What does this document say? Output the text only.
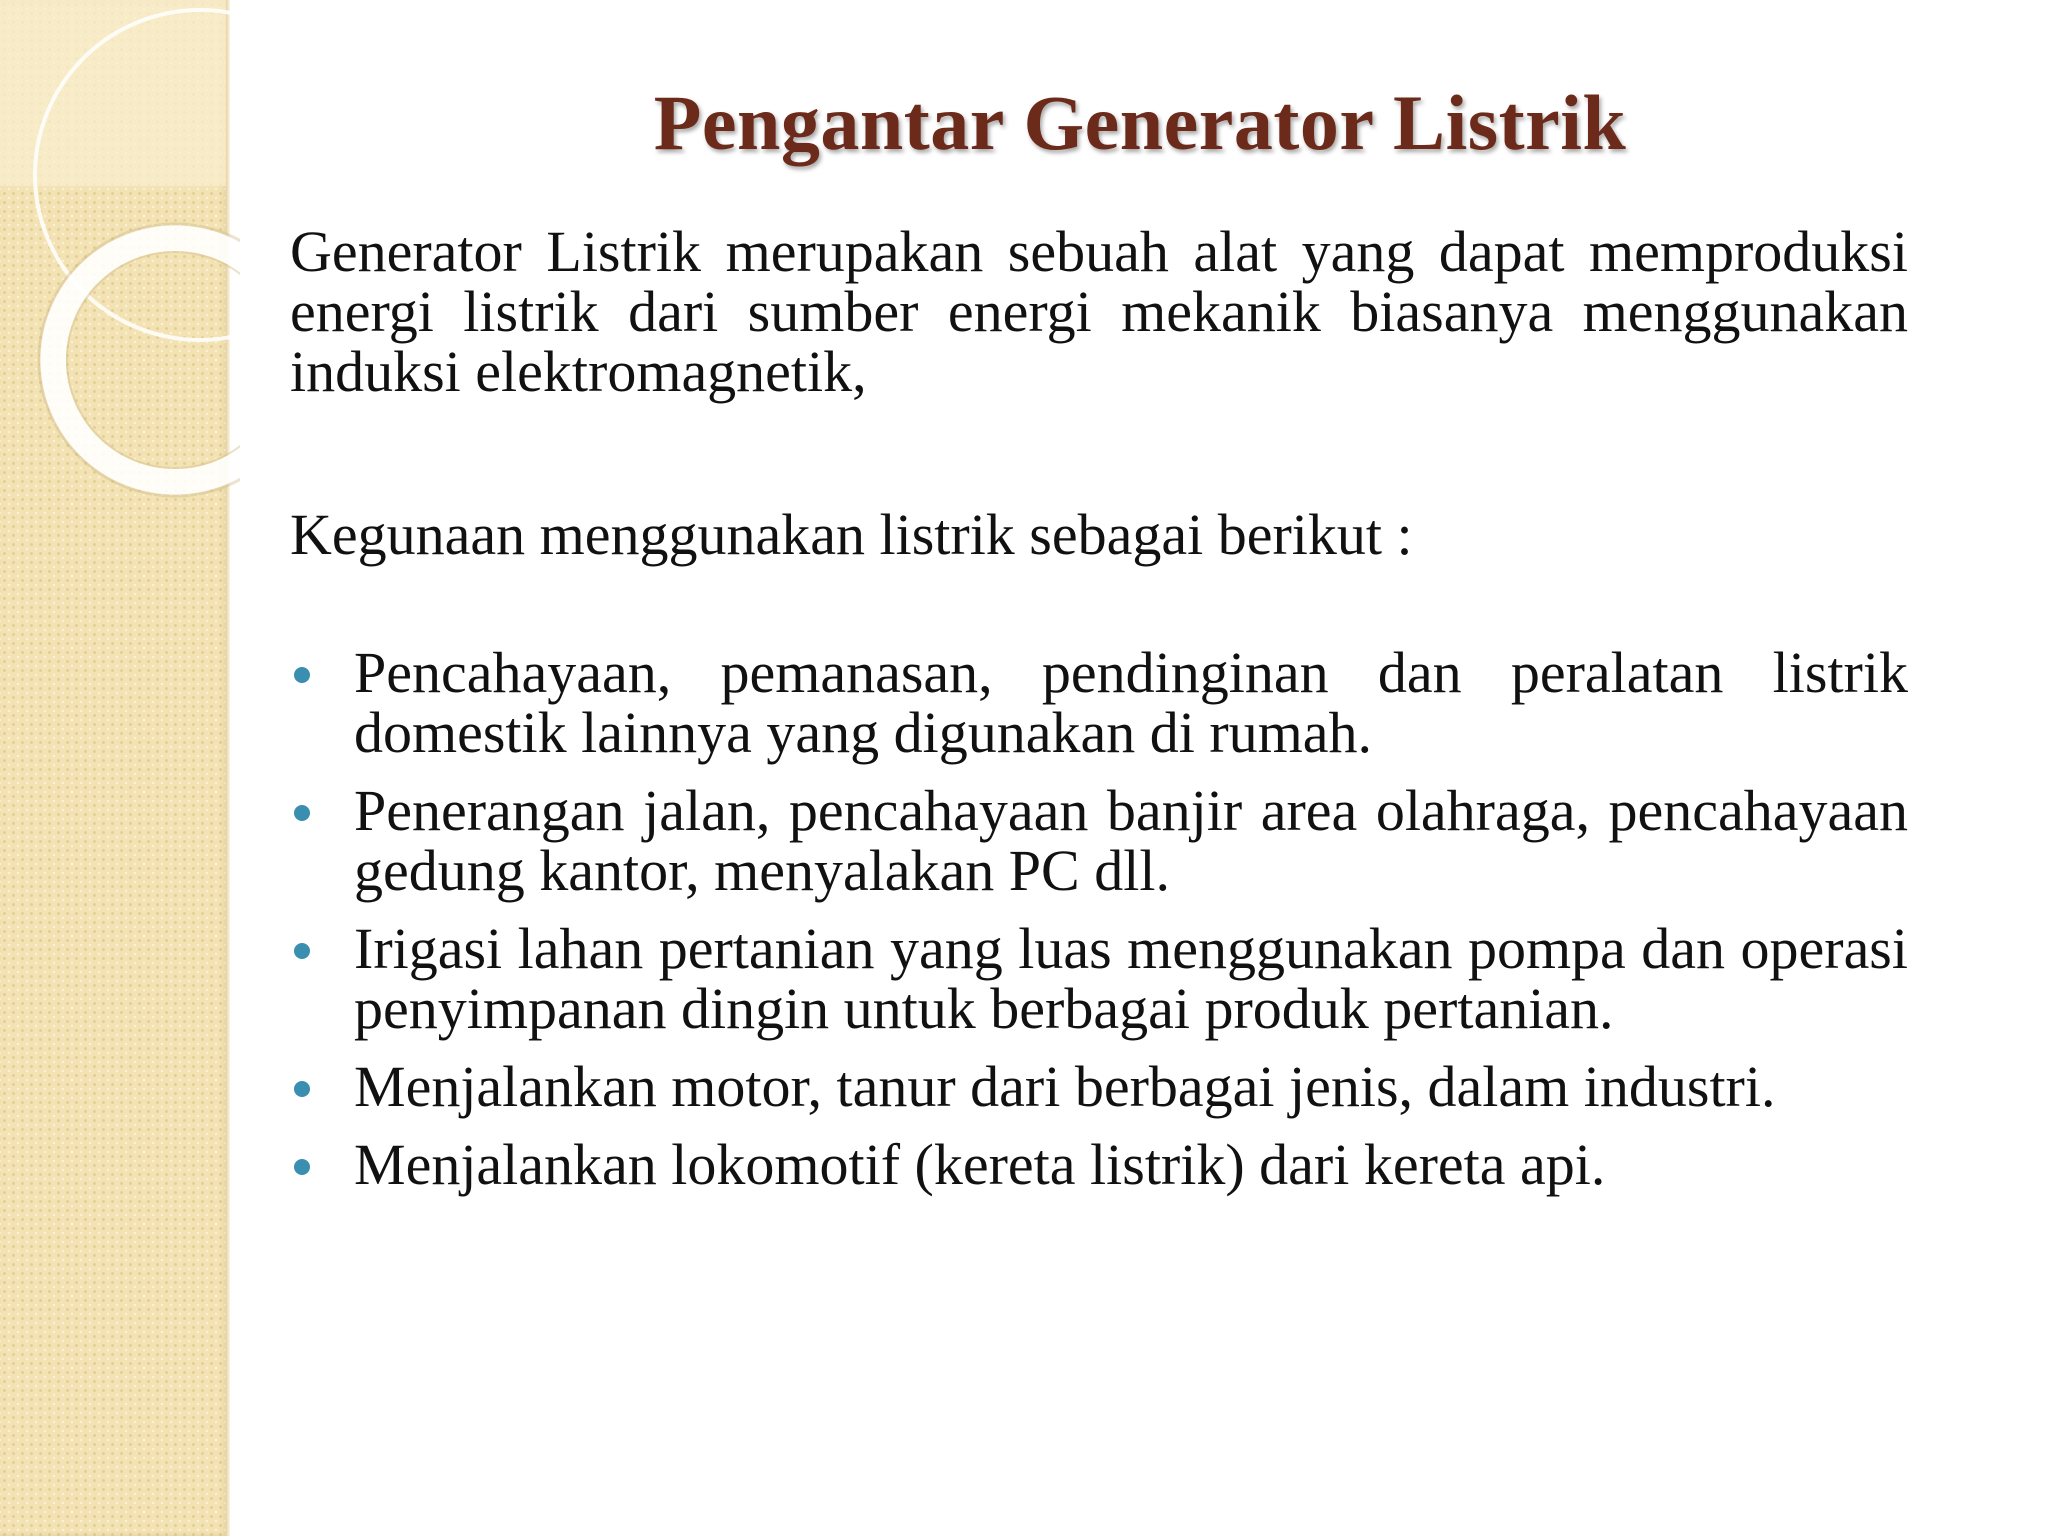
Pengantar Generator Listrik

Generator Listrik merupakan sebuah alat yang dapat memproduksi energi listrik dari sumber energi mekanik biasanya menggunakan induksi elektromagnetik,

Kegunaan menggunakan listrik sebagai berikut :

Pencahayaan, pemanasan, pendinginan dan peralatan listrik domestik lainnya yang digunakan di rumah.
Penerangan jalan, pencahayaan banjir area olahraga, pencahayaan gedung kantor, menyalakan PC dll.
Irigasi lahan pertanian yang luas menggunakan pompa dan operasi penyimpanan dingin untuk berbagai produk pertanian.
Menjalankan motor, tanur dari berbagai jenis, dalam industri.
Menjalankan lokomotif (kereta listrik) dari kereta api.
